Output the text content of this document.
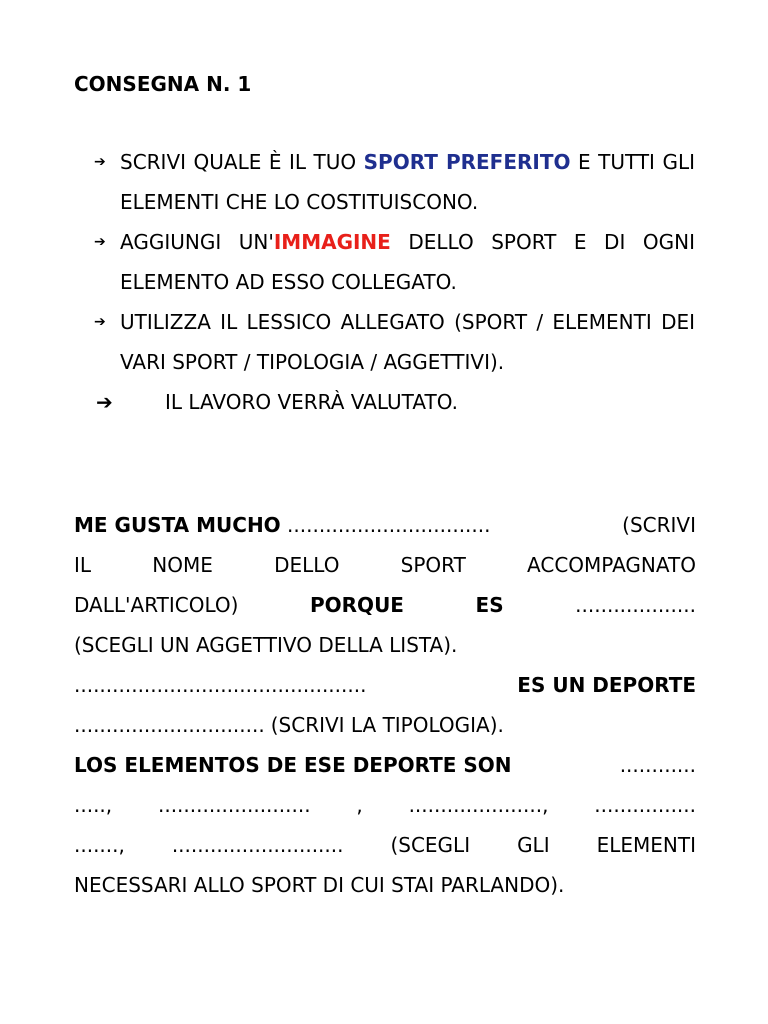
CONSEGNA N. 1
➔ SCRIVI QUALE È IL TUO SPORT PREFERITO E TUTTI GLI ELEMENTI CHE LO COSTITUISCONO.
➔ AGGIUNGI UN'IMMAGINE DELLO SPORT E DI OGNI ELEMENTO AD ESSO COLLEGATO.
➔ UTILIZZA IL LESSICO ALLEGATO (SPORT / ELEMENTI DEI VARI SPORT / TIPOLOGIA / AGGETTIVI).
➔	IL LAVORO VERRÀ VALUTATO.
ME GUSTA MUCHO ................................	(SCRIVI
IL	NOME	DELLO	SPORT	ACCOMPAGNATO
DALL'ARTICOLO)	PORQUE	ES	...................
(SCEGLI UN AGGETTIVO DELLA LISTA).
..............................................	ES UN DEPORTE
.............................. (SCRIVI LA TIPOLOGIA).
LOS ELEMENTOS DE ESE DEPORTE SON	............
....., ........................ , ....................., ................
......., ........................... (SCEGLI GLI ELEMENTI
NECESSARI ALLO SPORT DI CUI STAI PARLANDO).
